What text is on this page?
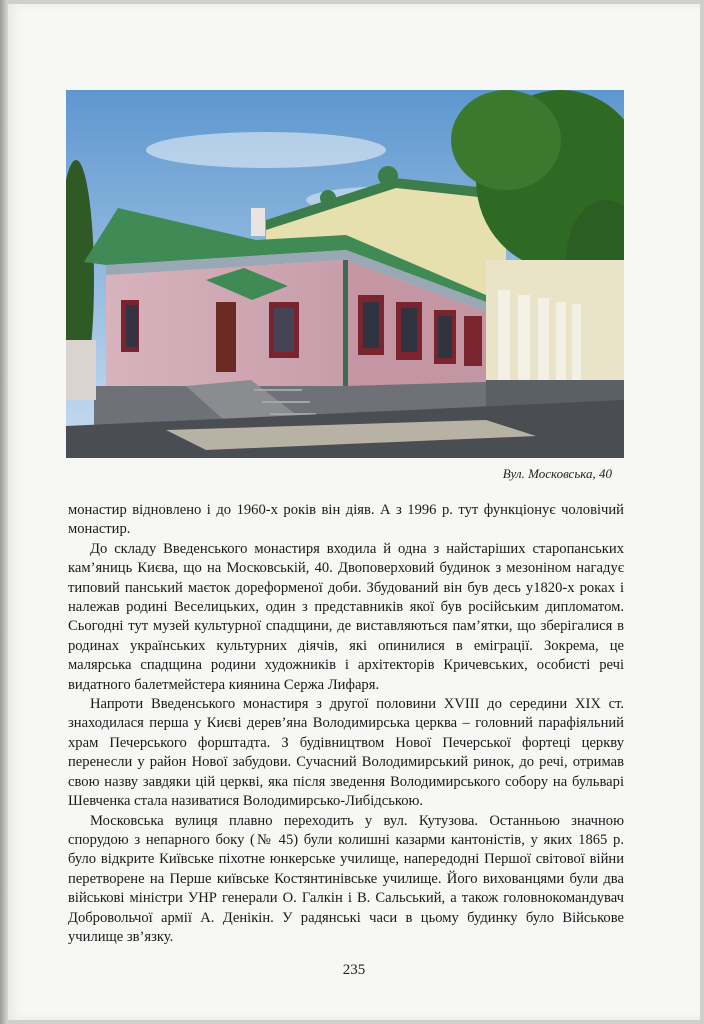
Вул. Московська, 40

монастир відновлено і до 1960-х років він діяв. А з 1996 р. тут функціонує чоловічий монастир.

До складу Введенського монастиря входила й одна з найстаріших старопанських кам’яниць Києва, що на Московській, 40. Двоповерховий будинок з мезоніном нагадує типовий панський маєток дореформеної доби. Збудований він був десь у1820-х роках і належав родині Веселицьких, один з представників якої був російським дипломатом. Сьогодні тут музей культурної спадщини, де виставляються пам’ятки, що зберігалися в родинах українських культурних діячів, які опинилися в еміграції. Зокрема, це малярська спадщина родини художників і архітекторів Кричевських, особисті речі видатного балетмейстера киянина Сержа Лифаря.

Напроти Введенського монастиря з другої половини XVIII до середини XIX ст. знаходилася перша у Києві дерев’яна Володимирська церква – головний парафіяльний храм Печерського форштадта. З будівництвом Нової Печерської фортеці церкву перенесли у район Нової забудови. Сучасний Володимирський ринок, до речі, отримав свою назву завдяки цій церкві, яка після зведення Володимирського собору на бульварі Шевченка стала називатися Володимирсько-Либідською.

Московська вулиця плавно переходить у вул. Кутузова. Останньою значною спорудою з непарного боку (№ 45) були колишні казарми кантоністів, у яких 1865 р. було відкрите Київське піхотне юнкерське училище, напередодні Першої світової війни перетворене на Перше київське Костянтинівське училище. Його вихованцями були два військові міністри УНР генерали О. Галкін і В. Сальський, а також головнокомандувач Добровольчої армії А. Денікін. У радянські часи в цьому будинку було Військове училище зв’язку.

235
